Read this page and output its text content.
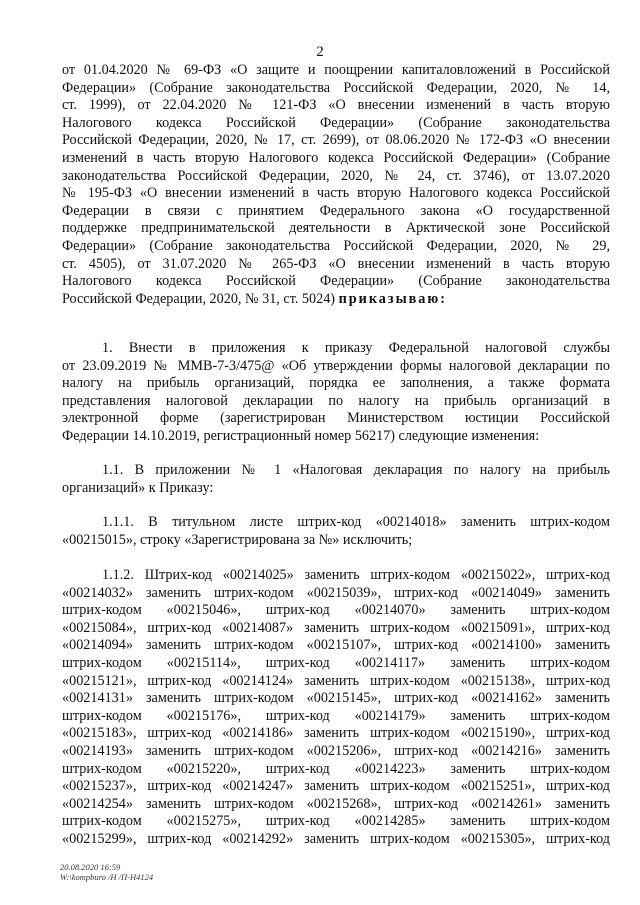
2
от 01.04.2020 № 69-ФЗ «О защите и поощрении капиталовложений в Российской
Федерации» (Собрание законодательства Российской Федерации, 2020, № 14,
ст. 1999), от 22.04.2020 № 121-ФЗ «О внесении изменений в часть вторую
Налогового кодекса Российской Федерации» (Собрание законодательства
Российской Федерации, 2020, № 17, ст. 2699), от 08.06.2020 № 172-ФЗ «О внесении
изменений в часть вторую Налогового кодекса Российской Федерации» (Собрание
законодательства Российской Федерации, 2020, № 24, ст. 3746), от 13.07.2020
№ 195-ФЗ «О внесении изменений в часть вторую Налогового кодекса Российской
Федерации в связи с принятием Федерального закона «О государственной
поддержке предпринимательской деятельности в Арктической зоне Российской
Федерации» (Собрание законодательства Российской Федерации, 2020, № 29,
ст. 4505), от 31.07.2020 № 265-ФЗ «О внесении изменений в часть вторую
Налогового кодекса Российской Федерации» (Собрание законодательства
Российской Федерации, 2020, № 31, ст. 5024) приказываю:
1. Внести в приложения к приказу Федеральной налоговой службы
от 23.09.2019 № ММВ-7-3/475@ «Об утверждении формы налоговой декларации по
налогу на прибыль организаций, порядка ее заполнения, а также формата
представления налоговой декларации по налогу на прибыль организаций в
электронной форме (зарегистрирован Министерством юстиции Российской
Федерации 14.10.2019, регистрационный номер 56217) следующие изменения:
1.1. В приложении № 1 «Налоговая декларация по налогу на прибыль
организаций» к Приказу:
1.1.1. В титульном листе штрих-код «00214018» заменить штрих-кодом
«00215015», строку «Зарегистрирована за №» исключить;
1.1.2. Штрих-код «00214025» заменить штрих-кодом «00215022», штрих-код
«00214032» заменить штрих-кодом «00215039», штрих-код «00214049» заменить
штрих-кодом «00215046», штрих-код «00214070» заменить штрих-кодом
«00215084», штрих-код «00214087» заменить штрих-кодом «00215091», штрих-код
«00214094» заменить штрих-кодом «00215107», штрих-код «00214100» заменить
штрих-кодом «00215114», штрих-код «00214117» заменить штрих-кодом
«00215121», штрих-код «00214124» заменить штрих-кодом «00215138», штрих-код
«00214131» заменить штрих-кодом «00215145», штрих-код «00214162» заменить
штрих-кодом «00215176», штрих-код «00214179» заменить штрих-кодом
«00215183», штрих-код «00214186» заменить штрих-кодом «00215190», штрих-код
«00214193» заменить штрих-кодом «00215206», штрих-код «00214216» заменить
штрих-кодом «00215220», штрих-код «00214223» заменить штрих-кодом
«00215237», штрих-код «00214247» заменить штрих-кодом «00215251», штрих-код
«00214254» заменить штрих-кодом «00215268», штрих-код «00214261» заменить
штрих-кодом «00215275», штрих-код «00214285» заменить штрих-кодом
«00215299», штрих-код «00214292» заменить штрих-кодом «00215305», штрих-код
20.08.2020 16:59
W:\kompburo /Н /П-Н4124
